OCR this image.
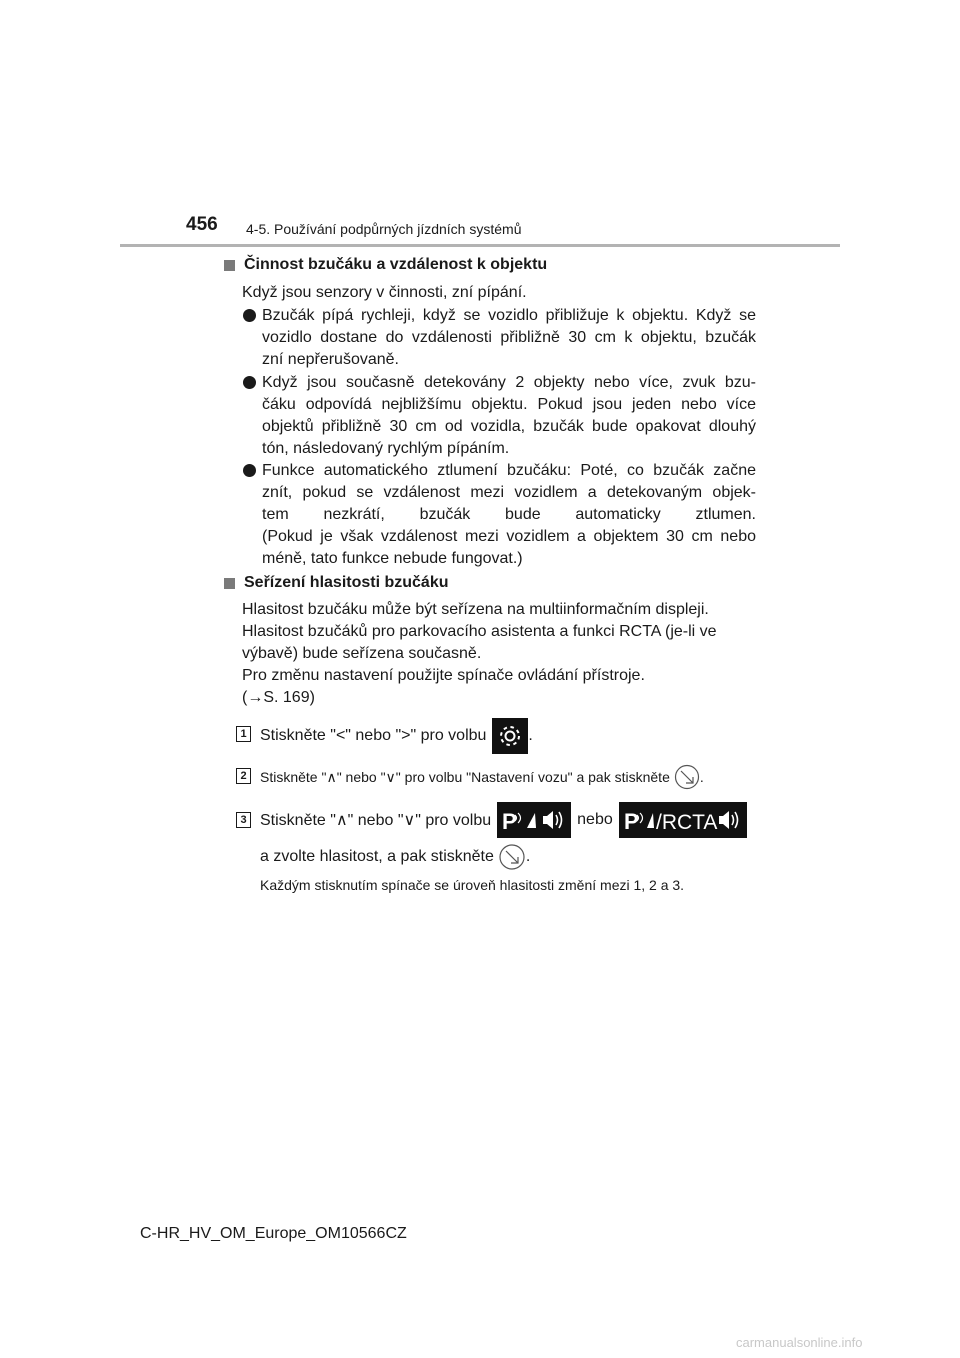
456 4-5. Používání podpůrných jízdních systémů
Činnost bzučáku a vzdálenost k objektu
Když jsou senzory v činnosti, zní pípání.
Bzučák pípá rychleji, když se vozidlo přibližuje k objektu. Když se
vozidlo dostane do vzdálenosti přibližně 30 cm k objektu, bzučák
zní nepřerušovaně.
Když jsou současně detekovány 2 objekty nebo více, zvuk bzu-
čáku odpovídá nejbližšímu objektu. Pokud jsou jeden nebo více
objektů přibližně 30 cm od vozidla, bzučák bude opakovat dlouhý
tón, následovaný rychlým pípáním.
Funkce automatického ztlumení bzučáku: Poté, co bzučák začne
znít, pokud se vzdálenost mezi vozidlem a detekovaným objek-
tem nezkrátí, bzučák bude automaticky ztlumen.
(Pokud je však vzdálenost mezi vozidlem a objektem 30 cm nebo
méně, tato funkce nebude fungovat.)
Seřízení hlasitosti bzučáku
Hlasitost bzučáku může být seřízena na multiinformačním displeji.
Hlasitost bzučáků pro parkovacího asistenta a funkci RCTA (je-li ve
výbavě) bude seřízena současně.
Pro změnu nastavení použijte spínače ovládání přístroje.
(→S. 169)
1 Stiskněte "<" nebo ">" pro volbu	.
2 Stiskněte "∧" nebo "∨" pro volbu "Nastavení vozu" a pak stiskněte .
3 Stiskněte "∧" nebo "∨" pro volbu P	nebo P /RCTA
a zvolte hlasitost, a pak stiskněte .
Každým stisknutím spínače se úroveň hlasitosti změní mezi 1, 2 a 3.
C-HR_HV_OM_Europe_OM10566CZ
carmanualsonline.info
